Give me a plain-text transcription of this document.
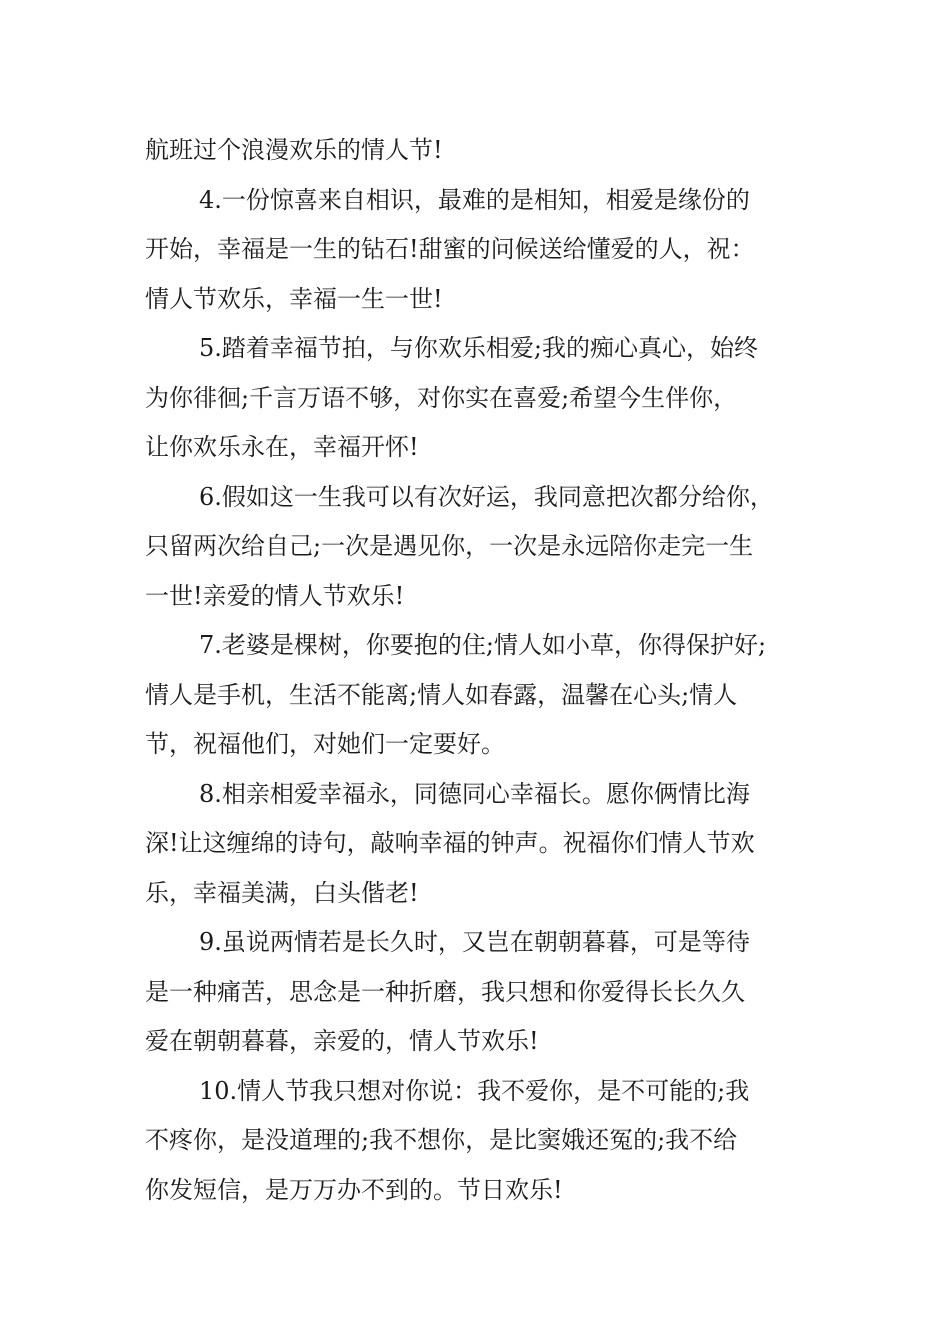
航班过个浪漫欢乐的情人节!
4.一份惊喜来自相识，最难的是相知，相爱是缘份的
开始，幸福是一生的钻石!甜蜜的问候送给懂爱的人，祝：
情人节欢乐，幸福一生一世!
5.踏着幸福节拍，与你欢乐相爱;我的痴心真心，始终
为你徘徊;千言万语不够，对你实在喜爱;希望今生伴你，
让你欢乐永在，幸福开怀!
6.假如这一生我可以有次好运，我同意把次都分给你，
只留两次给自己;一次是遇见你，一次是永远陪你走完一生
一世!亲爱的情人节欢乐!
7.老婆是棵树，你要抱的住;情人如小草，你得保护好;
情人是手机，生活不能离;情人如春露，温馨在心头;情人
节，祝福他们，对她们一定要好。
8.相亲相爱幸福永，同德同心幸福长。愿你俩情比海
深!让这缠绵的诗句，敲响幸福的钟声。祝福你们情人节欢
乐，幸福美满，白头偕老!
9.虽说两情若是长久时，又岂在朝朝暮暮，可是等待
是一种痛苦，思念是一种折磨，我只想和你爱得长长久久
爱在朝朝暮暮，亲爱的，情人节欢乐!
10.情人节我只想对你说：我不爱你，是不可能的;我
不疼你，是没道理的;我不想你，是比窦娥还冤的;我不给
你发短信，是万万办不到的。节日欢乐!
